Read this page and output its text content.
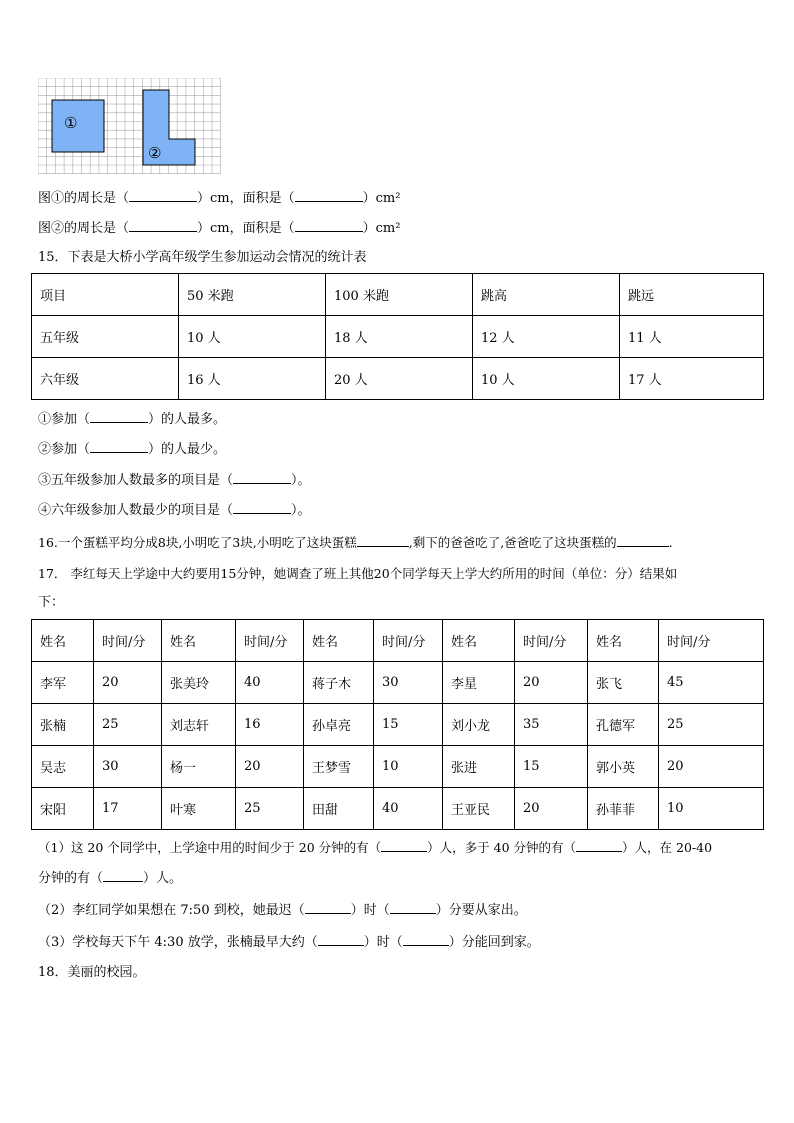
①
②
图①的周长是（	）cm，面积是（	）cm²
图②的周长是（	）cm，面积是（	）cm²
15．下表是大桥小学高年级学生参加运动会情况的统计表
项目	50 米跑	100 米跑	跳高	跳远
五年级	10 人	18 人	12 人	11 人
六年级	16 人	20 人	10 人	17 人
①参加（	）的人最多。
②参加（	）的人最少。
③五年级参加人数最多的项目是（	）。
④六年级参加人数最少的项目是（	）。
16.一个蛋糕平均分成8块,小明吃了3块,小明吃了这块蛋糕	,剩下的爸爸吃了,爸爸吃了这块蛋糕的	.
17． 李红每天上学途中大约要用15分钟，她调查了班上其他20个同学每天上学大约所用的时间（单位：分）结果如
下：
姓名	时间/分	姓名	时间/分	姓名	时间/分	姓名	时间/分	姓名	时间/分
李军	20	张美玲	40	蒋子木	30	李星	20	张飞	45
张楠	25	刘志轩	16	孙卓亮	15	刘小龙	35	孔德军	25
吴志	30	杨一	20	王梦雪	10	张进	15	郭小英	20
宋阳	17	叶寒	25	田甜	40	王亚民	20	孙菲菲	10
（1）这 20 个同学中，上学途中用的时间少于 20 分钟的有（	）人，多于 40 分钟的有（	）人，在 20-40
分钟的有（	）人。
（2）李红同学如果想在 7:50 到校，她最迟（	）时（	）分要从家出。
（3）学校每天下午 4:30 放学，张楠最早大约（	）时（	）分能回到家。
18．美丽的校园。
